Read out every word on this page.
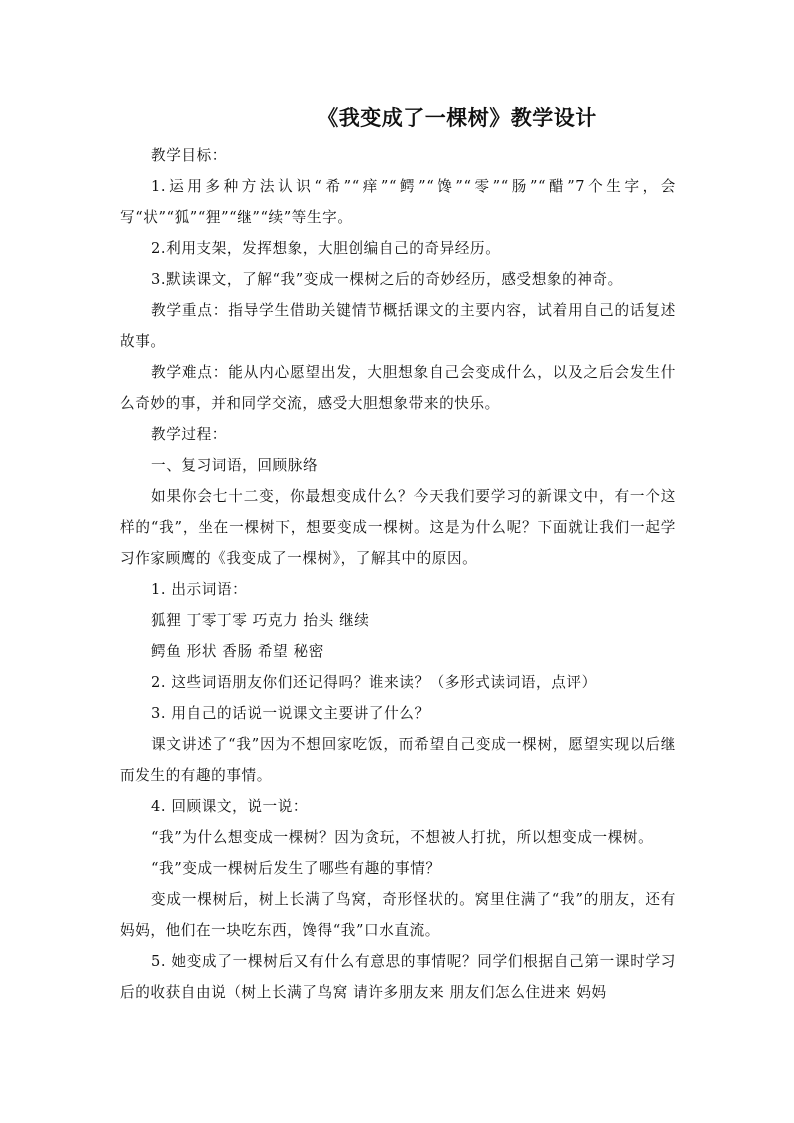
《我变成了一棵树》教学设计

教学目标：

1.运用多种方法认识“希”“痒”“鳄”“馋”“零”“肠”“醋”7个生字，会写“状”“狐”“狸”“继”“续”等生字。

2.利用支架，发挥想象，大胆创编自己的奇异经历。

3.默读课文，了解“我”变成一棵树之后的奇妙经历，感受想象的神奇。

教学重点：指导学生借助关键情节概括课文的主要内容，试着用自己的话复述故事。

教学难点：能从内心愿望出发，大胆想象自己会变成什么，以及之后会发生什么奇妙的事，并和同学交流，感受大胆想象带来的快乐。

教学过程：

一、复习词语，回顾脉络

如果你会七十二变，你最想变成什么？今天我们要学习的新课文中，有一个这样的“我”，坐在一棵树下，想要变成一棵树。这是为什么呢？下面就让我们一起学习作家顾鹰的《我变成了一棵树》，了解其中的原因。

1. 出示词语：

狐狸 丁零丁零 巧克力 抬头 继续

鳄鱼 形状 香肠 希望 秘密

2. 这些词语朋友你们还记得吗？谁来读？（多形式读词语，点评）

3. 用自己的话说一说课文主要讲了什么？

课文讲述了“我”因为不想回家吃饭，而希望自己变成一棵树，愿望实现以后继而发生的有趣的事情。

4. 回顾课文，说一说：

“我”为什么想变成一棵树？因为贪玩，不想被人打扰，所以想变成一棵树。

“我”变成一棵树后发生了哪些有趣的事情？

变成一棵树后，树上长满了鸟窝，奇形怪状的。窝里住满了“我”的朋友，还有妈妈，他们在一块吃东西，馋得“我”口水直流。

5. 她变成了一棵树后又有什么有意思的事情呢？同学们根据自己第一课时学习后的收获自由说（树上长满了鸟窝 请许多朋友来 朋友们怎么住进来 妈妈
